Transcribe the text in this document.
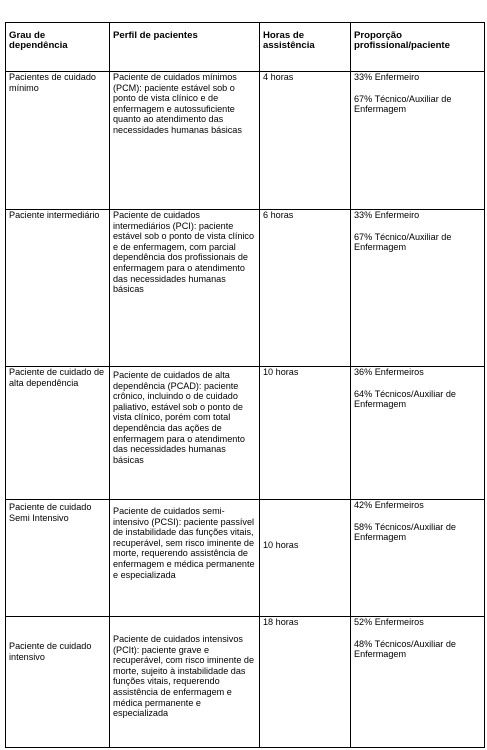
Grau de dependência	Perfil de pacientes	Horas de assistência	Proporção profissional/paciente
Pacientes de cuidado mínimo	Paciente de cuidados mínimos (PCM): paciente estável sob o ponto de vista clínico e de enfermagem e autossuficiente quanto ao atendimento das necessidades humanas básicas	4 horas	33% Enfermeiro

67% Técnico/Auxiliar de Enfermagem

Paciente intermediário	Paciente de cuidados intermediários (PCI): paciente estável sob o ponto de vista clínico e de enfermagem, com parcial dependência dos profissionais de enfermagem para o atendimento das necessidades humanas básicas	6 horas	33% Enfermeiro

67% Técnico/Auxiliar de Enfermagem

Paciente de cuidado de alta dependência	Paciente de cuidados de alta dependência (PCAD): paciente crônico, incluindo o de cuidado paliativo, estável sob o ponto de vista clínico, porém com total dependência das ações de enfermagem para o atendimento das necessidades humanas básicas	10 horas	36% Enfermeiros

64% Técnicos/Auxiliar de Enfermagem

Paciente de cuidado Semi Intensivo	Paciente de cuidados semi-intensivo (PCSI): paciente passível de instabilidade das funções vitais, recuperável, sem risco iminente de morte, requerendo assistência de enfermagem e médica permanente e especializada	10 horas	42% Enfermeiros

58% Técnicos/Auxiliar de Enfermagem

Paciente de cuidado intensivo	Paciente de cuidados intensivos (PCIt): paciente grave e recuperável, com risco iminente de morte, sujeito à instabilidade das funções vitais, requerendo assistência de enfermagem e médica permanente e especializada	18 horas	52% Enfermeiros

48% Técnicos/Auxiliar de Enfermagem
